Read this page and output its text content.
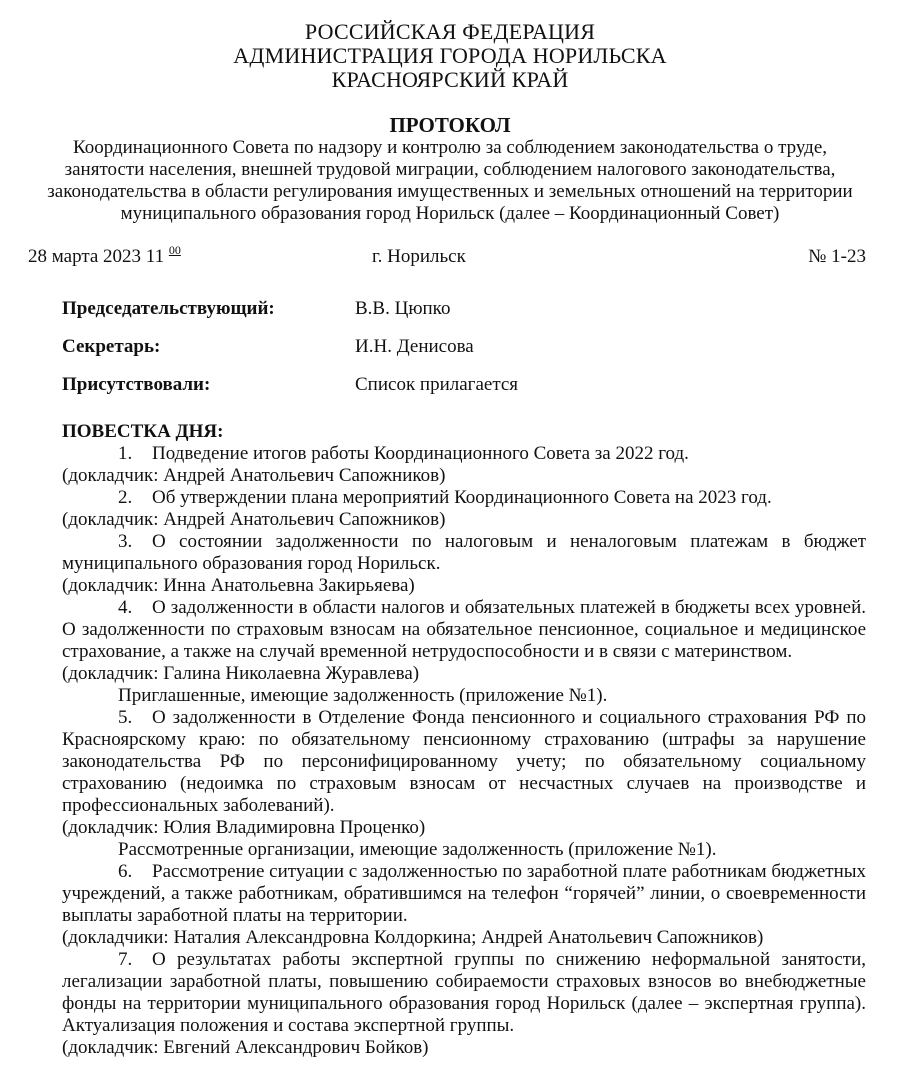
РОССИЙСКАЯ ФЕДЕРАЦИЯ
АДМИНИСТРАЦИЯ ГОРОДА НОРИЛЬСКА
КРАСНОЯРСКИЙ КРАЙ
ПРОТОКОЛ
Координационного Совета по надзору и контролю за соблюдением законодательства о труде, занятости населения, внешней трудовой миграции, соблюдением налогового законодательства, законодательства в области регулирования имущественных и земельных отношений на территории муниципального образования город Норильск (далее – Координационный Совет)
28 марта 2023 11 $^{00}$	г. Норильск	№ 1-23
Председательствующий:	В.В. Цюпко
Секретарь:	И.Н. Денисова
Присутствовали:	Список прилагается
ПОВЕСТКА ДНЯ:
1. Подведение итогов работы Координационного Совета за 2022 год.
(докладчик: Андрей Анатольевич Сапожников)
2. Об утверждении плана мероприятий Координационного Совета на 2023 год.
(докладчик: Андрей Анатольевич Сапожников)
3. О состоянии задолженности по налоговым и неналоговым платежам в бюджет муниципального образования город Норильск.
(докладчик: Инна Анатольевна Закирьяева)
4. О задолженности в области налогов и обязательных платежей в бюджеты всех уровней. О задолженности по страховым взносам на обязательное пенсионное, социальное и медицинское страхование, а также на случай временной нетрудоспособности и в связи с материнством.
(докладчик: Галина Николаевна Журавлева)
Приглашенные, имеющие задолженность (приложение №1).
5. О задолженности в Отделение Фонда пенсионного и социального страхования РФ по Красноярскому краю: по обязательному пенсионному страхованию (штрафы за нарушение законодательства РФ по персонифицированному учету; по обязательному социальному страхованию (недоимка по страховым взносам от несчастных случаев на производстве и профессиональных заболеваний).
(докладчик: Юлия Владимировна Проценко)
Рассмотренные организации, имеющие задолженность (приложение №1).
6. Рассмотрение ситуации с задолженностью по заработной плате работникам бюджетных учреждений, а также работникам, обратившимся на телефон “горячей” линии, о своевременности выплаты заработной платы на территории.
(докладчики: Наталия Александровна Колдоркина; Андрей Анатольевич Сапожников)
7. О результатах работы экспертной группы по снижению неформальной занятости, легализации заработной платы, повышению собираемости страховых взносов во внебюджетные фонды на территории муниципального образования город Норильск (далее – экспертная группа). Актуализация положения и состава экспертной группы.
(докладчик: Евгений Александрович Бойков)
